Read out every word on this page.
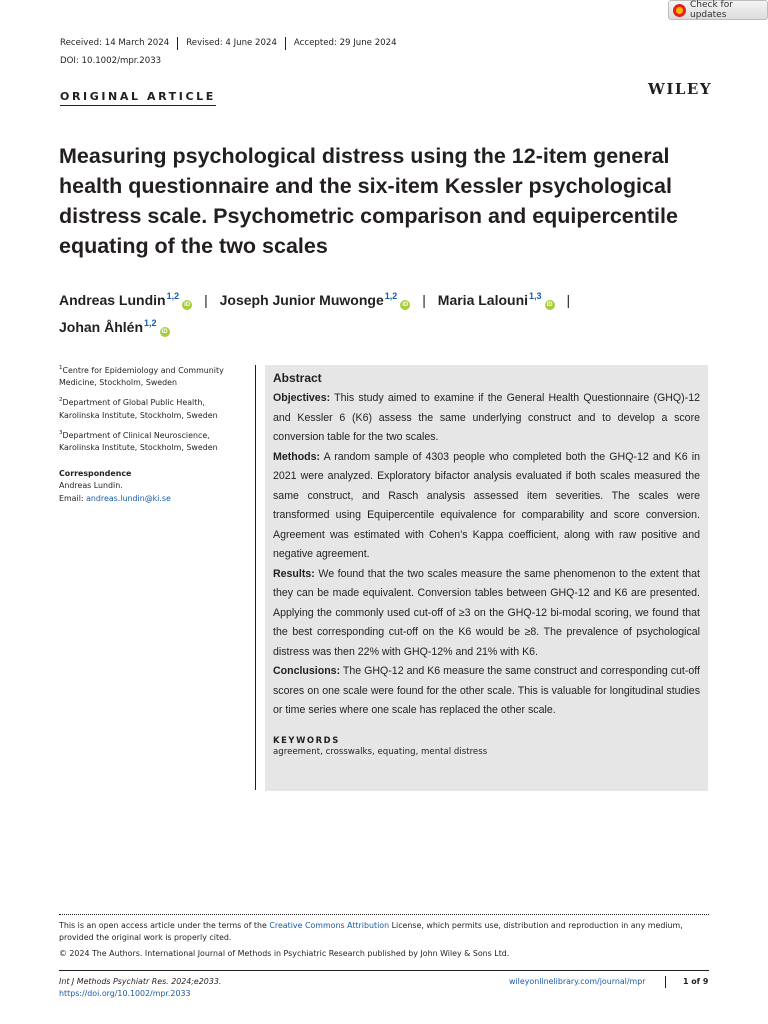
Check for updates
Received: 14 March 2024	Revised: 4 June 2024	Accepted: 29 June 2024
DOI: 10.1002/mpr.2033
ORIGINAL ARTICLE	WILEY
Measuring psychological distress using the 12-item general health questionnaire and the six-item Kessler psychological distress scale. Psychometric comparison and equipercentile equating of the two scales
Andreas Lundin$^{1,2}$iD | Joseph Junior Muwonge$^{1,2}$iD | Maria Lalouni$^{1,3}$iD |
Johan Åhlén$^{1,2}$iD
$^1$Centre for Epidemiology and Community Medicine, Stockholm, Sweden
$^2$Department of Global Public Health, Karolinska Institute, Stockholm, Sweden
$^3$Department of Clinical Neuroscience, Karolinska Institute, Stockholm, Sweden
Correspondence
Andreas Lundin.
Email: andreas.lundin@ki.se
Abstract

Objectives: This study aimed to examine if the General Health Questionnaire (GHQ)-12 and Kessler 6 (K6) assess the same underlying construct and to develop a score conversion table for the two scales.

Methods: A random sample of 4303 people who completed both the GHQ-12 and K6 in 2021 were analyzed. Exploratory bifactor analysis evaluated if both scales measured the same construct, and Rasch analysis assessed item severities. The scales were transformed using Equipercentile equivalence for comparability and score conversion. Agreement was estimated with Cohen's Kappa coefficient, along with raw positive and negative agreement.

Results: We found that the two scales measure the same phenomenon to the extent that they can be made equivalent. Conversion tables between GHQ-12 and K6 are presented. Applying the commonly used cut-off of ≥3 on the GHQ-12 bi-modal scoring, we found that the best corresponding cut-off on the K6 would be ≥8. The prevalence of psychological distress was then 22% with GHQ-12% and 21% with K6.

Conclusions: The GHQ-12 and K6 measure the same construct and corresponding cut-off scores on one scale were found for the other scale. This is valuable for longitudinal studies or time series where one scale has replaced the other scale.

KEYWORDS
agreement, crosswalks, equating, mental distress
This is an open access article under the terms of the Creative Commons Attribution License, which permits use, distribution and reproduction in any medium, provided the original work is properly cited.
© 2024 The Authors. International Journal of Methods in Psychiatric Research published by John Wiley & Sons Ltd.
Int J Methods Psychiatr Res. 2024;e2033.
https://doi.org/10.1002/mpr.2033
wileyonlinelibrary.com/journal/mpr	1 of 9
